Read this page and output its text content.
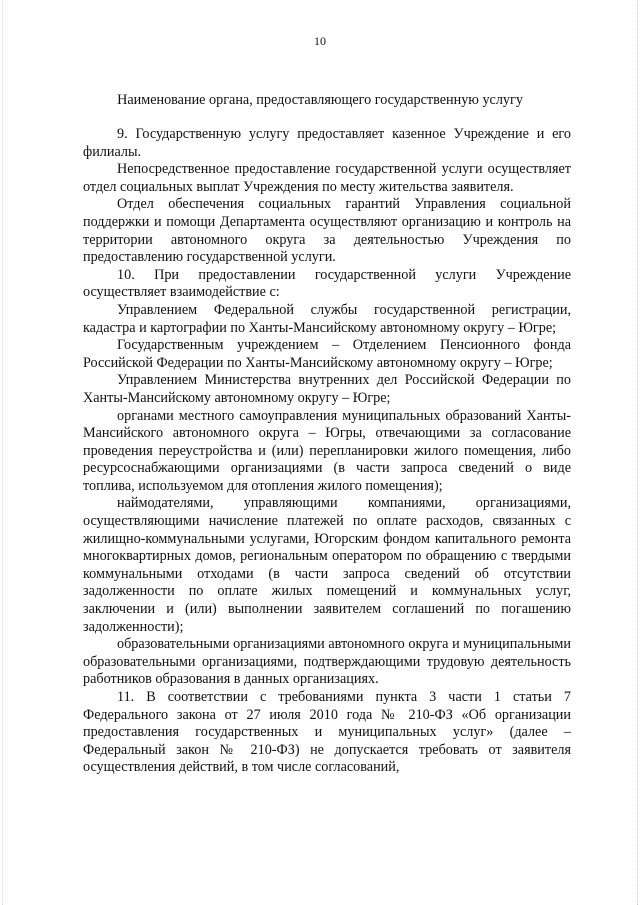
10
Наименование органа, предоставляющего государственную услугу

9. Государственную услугу предоставляет казенное Учреждение и его филиалы.

Непосредственное предоставление государственной услуги осуществляет отдел социальных выплат Учреждения по месту жительства заявителя.

Отдел обеспечения социальных гарантий Управления социальной поддержки и помощи Департамента осуществляют организацию и контроль на территории автономного округа за деятельностью Учреждения по предоставлению государственной услуги.

10. При предоставлении государственной услуги Учреждение осуществляет взаимодействие с:

Управлением Федеральной службы государственной регистрации, кадастра и картографии по Ханты-Мансийскому автономному округу – Югре;

Государственным учреждением – Отделением Пенсионного фонда Российской Федерации по Ханты-Мансийскому автономному округу – Югре;

Управлением Министерства внутренних дел Российской Федерации по Ханты-Мансийскому автономному округу – Югре;

органами местного самоуправления муниципальных образований Ханты-Мансийского автономного округа – Югры, отвечающими за согласование проведения переустройства и (или) перепланировки жилого помещения, либо ресурсоснабжающими организациями (в части запроса сведений о виде топлива, используемом для отопления жилого помещения);

наймодателями, управляющими компаниями, организациями, осуществляющими начисление платежей по оплате расходов, связанных с жилищно-коммунальными услугами, Югорским фондом капитального ремонта многоквартирных домов, региональным оператором по обращению с твердыми коммунальными отходами (в части запроса сведений об отсутствии задолженности по оплате жилых помещений и коммунальных услуг, заключении и (или) выполнении заявителем соглашений по погашению задолженности);

образовательными организациями автономного округа и муниципальными образовательными организациями, подтверждающими трудовую деятельность работников образования в данных организациях.

11. В соответствии с требованиями пункта 3 части 1 статьи 7 Федерального закона от 27 июля 2010 года № 210-ФЗ «Об организации предоставления государственных и муниципальных услуг» (далее – Федеральный закон № 210-ФЗ) не допускается требовать от заявителя осуществления действий, в том числе согласований,
